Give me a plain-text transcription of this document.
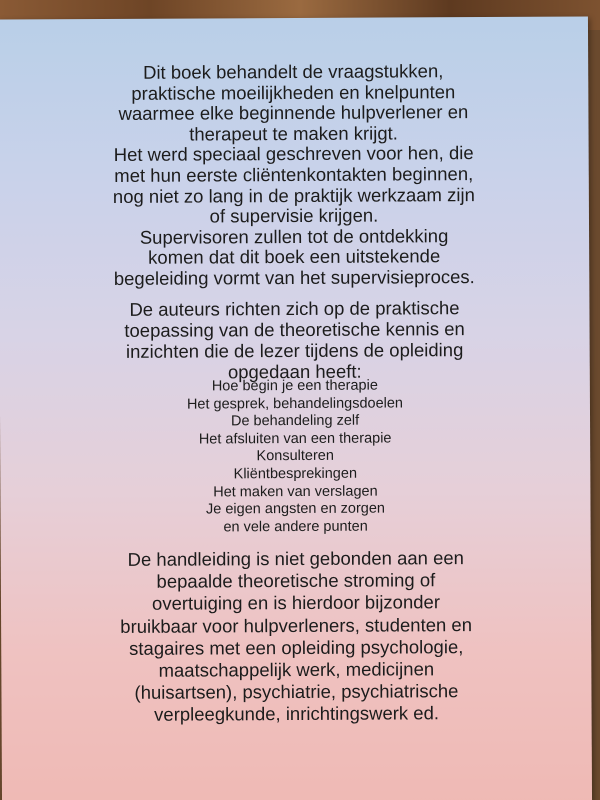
Dit boek behandelt de vraagstukken,
praktische moeilijkheden en knelpunten
waarmee elke beginnende hulpverlener en
therapeut te maken krijgt.
Het werd speciaal geschreven voor hen, die
met hun eerste cliëntenkontakten beginnen,
nog niet zo lang in de praktijk werkzaam zijn
of supervisie krijgen.
Supervisoren zullen tot de ontdekking
komen dat dit boek een uitstekende
begeleiding vormt van het supervisieproces.
De auteurs richten zich op de praktische
toepassing van de theoretische kennis en
inzichten die de lezer tijdens de opleiding
opgedaan heeft:
Hoe begin je een therapie
Het gesprek, behandelingsdoelen
De behandeling zelf
Het afsluiten van een therapie
Konsulteren
Kliëntbesprekingen
Het maken van verslagen
Je eigen angsten en zorgen
en vele andere punten
De handleiding is niet gebonden aan een
bepaalde theoretische stroming of
overtuiging en is hierdoor bijzonder
bruikbaar voor hulpverleners, studenten en
stagaires met een opleiding psychologie,
maatschappelijk werk, medicijnen
(huisartsen), psychiatrie, psychiatrische
verpleegkunde, inrichtingswerk ed.
